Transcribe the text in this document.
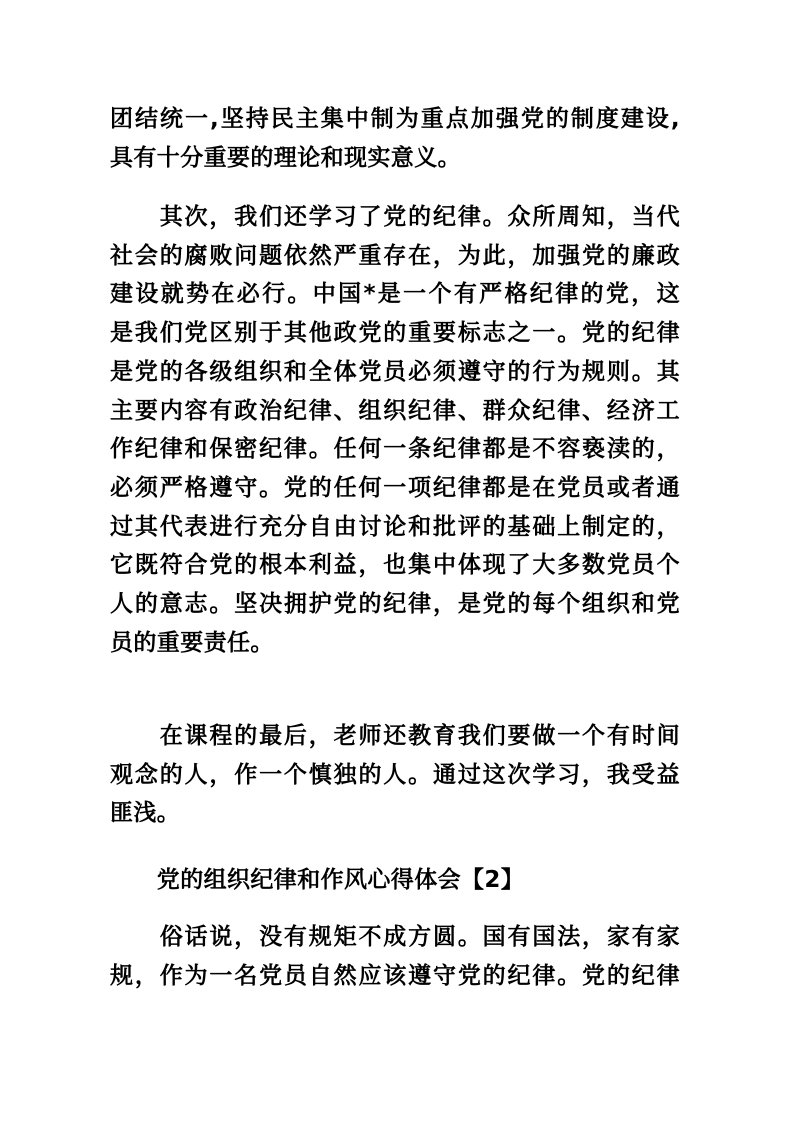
团结统一,坚持民主集中制为重点加强党的制度建设,
具有十分重要的理论和现实意义。

　　其次，我们还学习了党的纪律。众所周知，当代
社会的腐败问题依然严重存在，为此，加强党的廉政
建设就势在必行。中国*是一个有严格纪律的党，这
是我们党区别于其他政党的重要标志之一。党的纪律
是党的各级组织和全体党员必须遵守的行为规则。其
主要内容有政治纪律、组织纪律、群众纪律、经济工
作纪律和保密纪律。任何一条纪律都是不容亵渎的，
必须严格遵守。党的任何一项纪律都是在党员或者通
过其代表进行充分自由讨论和批评的基础上制定的，
它既符合党的根本利益，也集中体现了大多数党员个
人的意志。坚决拥护党的纪律，是党的每个组织和党
员的重要责任。

　　在课程的最后，老师还教育我们要做一个有时间
观念的人，作一个慎独的人。通过这次学习，我受益
匪浅。

　　党的组织纪律和作风心得体会【2】

　　俗话说，没有规矩不成方圆。国有国法，家有家
规，作为一名党员自然应该遵守党的纪律。党的纪律
